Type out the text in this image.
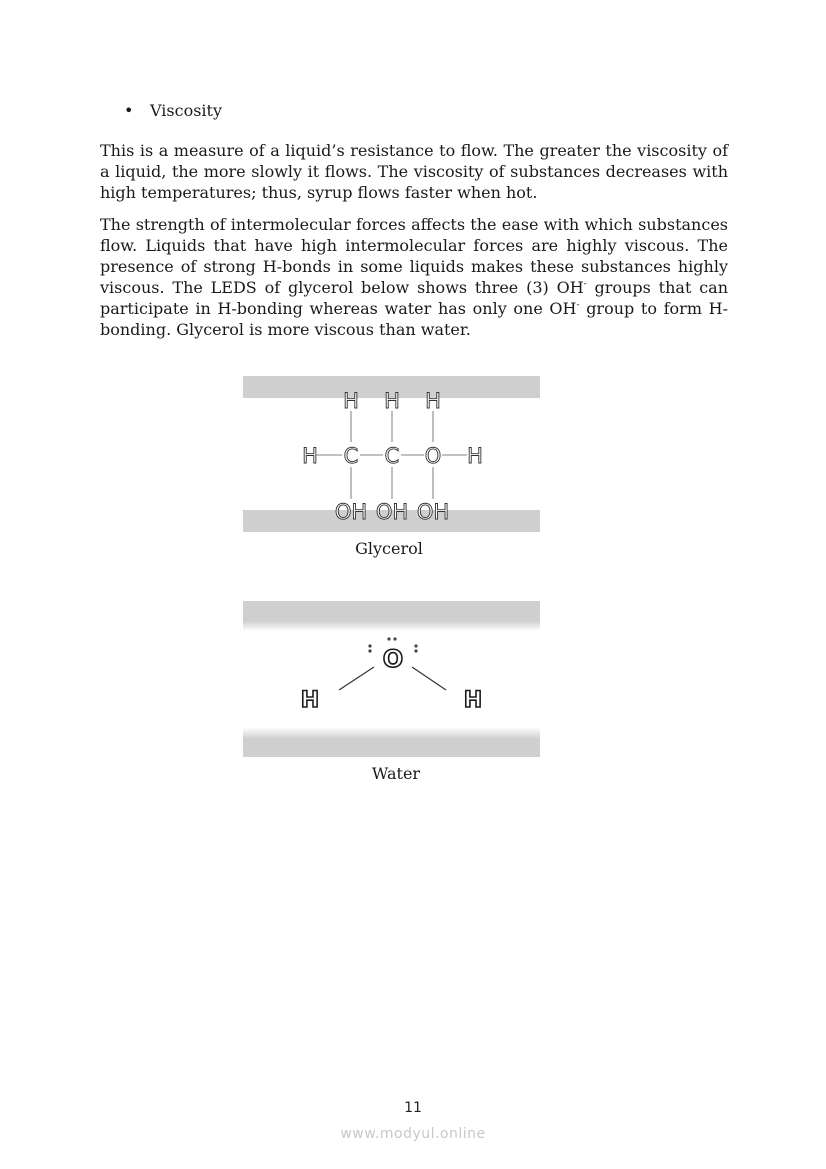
• Viscosity

This is a measure of a liquid’s resistance to flow. The greater the viscosity of a liquid, the more slowly it flows. The viscosity of substances decreases with high temperatures; thus, syrup flows faster when hot.

The strength of intermolecular forces affects the ease with which substances flow. Liquids that have high intermolecular forces are highly viscous. The presence of strong H-bonds in some liquids makes these substances highly viscous. The LEDS of glycerol below shows three (3) OH- groups that can participate in H-bonding whereas water has only one OH- group to form H-bonding. Glycerol is more viscous than water.

H H H
H C C O H
OH OH OH
Glycerol
O
H	H
Water
11
www.modyul.online
